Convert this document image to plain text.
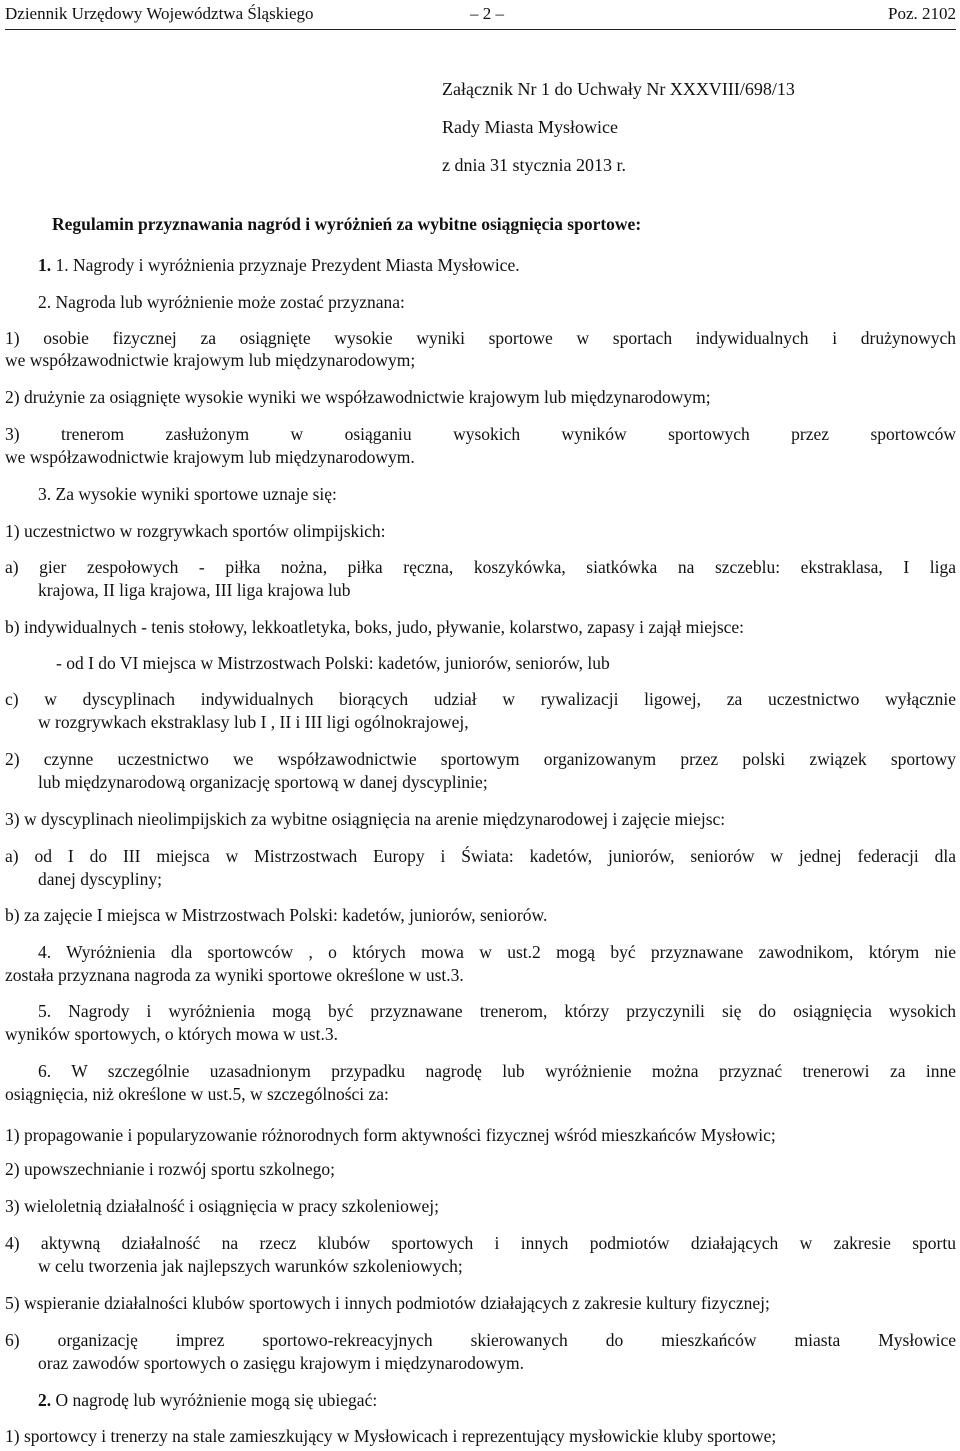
Dziennik Urzędowy Województwa Śląskiego	– 2 –	Poz. 2102
Załącznik Nr 1 do Uchwały Nr XXXVIII/698/13
Rady Miasta Mysłowice
z dnia 31 stycznia 2013 r.
Regulamin przyznawania nagród i wyróżnień za wybitne osiągnięcia sportowe:
1. 1. Nagrody i wyróżnienia przyznaje Prezydent Miasta Mysłowice.
2. Nagroda lub wyróżnienie może zostać przyznana:
1) osobie fizycznej za osiągnięte wysokie wyniki sportowe w sportach indywidualnych i drużynowych
we współzawodnictwie krajowym lub międzynarodowym;
2) drużynie za osiągnięte wysokie wyniki we współzawodnictwie krajowym lub międzynarodowym;
3) trenerom zasłużonym w osiąganiu wysokich wyników sportowych przez sportowców
we współzawodnictwie krajowym lub międzynarodowym.
3. Za wysokie wyniki sportowe uznaje się:
1) uczestnictwo w rozgrywkach sportów olimpijskich:
a) gier zespołowych - piłka nożna, piłka ręczna, koszykówka, siatkówka na szczeblu: ekstraklasa, I liga
krajowa, II liga krajowa, III liga krajowa lub
b) indywidualnych - tenis stołowy, lekkoatletyka, boks, judo, pływanie, kolarstwo, zapasy i zajął miejsce:
- od I do VI miejsca w Mistrzostwach Polski: kadetów, juniorów, seniorów, lub
c) w dyscyplinach indywidualnych biorących udział w rywalizacji ligowej, za uczestnictwo wyłącznie
w rozgrywkach ekstraklasy lub I , II i III ligi ogólnokrajowej,
2) czynne uczestnictwo we współzawodnictwie sportowym organizowanym przez polski związek sportowy
lub międzynarodową organizację sportową w danej dyscyplinie;
3) w dyscyplinach nieolimpijskich za wybitne osiągnięcia na arenie międzynarodowej i zajęcie miejsc:
a) od I do III miejsca w Mistrzostwach Europy i Świata: kadetów, juniorów, seniorów w jednej federacji dla
danej dyscypliny;
b) za zajęcie I miejsca w Mistrzostwach Polski: kadetów, juniorów, seniorów.
4. Wyróżnienia dla sportowców , o których mowa w ust.2 mogą być przyznawane zawodnikom, którym nie
została przyznana nagroda za wyniki sportowe określone w ust.3.
5. Nagrody i wyróżnienia mogą być przyznawane trenerom, którzy przyczynili się do osiągnięcia wysokich
wyników sportowych, o których mowa w ust.3.
6. W szczególnie uzasadnionym przypadku nagrodę lub wyróżnienie można przyznać trenerowi za inne
osiągnięcia, niż określone w ust.5, w szczególności za:
1) propagowanie i popularyzowanie różnorodnych form aktywności fizycznej wśród mieszkańców Mysłowic;
2) upowszechnianie i rozwój sportu szkolnego;
3) wieloletnią działalność i osiągnięcia w pracy szkoleniowej;
4) aktywną działalność na rzecz klubów sportowych i innych podmiotów działających w zakresie sportu
w celu tworzenia jak najlepszych warunków szkoleniowych;
5) wspieranie działalności klubów sportowych i innych podmiotów działających z zakresie kultury fizycznej;
6) organizację imprez sportowo-rekreacyjnych skierowanych do mieszkańców miasta Mysłowice
oraz zawodów sportowych o zasięgu krajowym i międzynarodowym.
2. O nagrodę lub wyróżnienie mogą się ubiegać:
1) sportowcy i trenerzy na stale zamieszkujący w Mysłowicach i reprezentujący mysłowickie kluby sportowe;
